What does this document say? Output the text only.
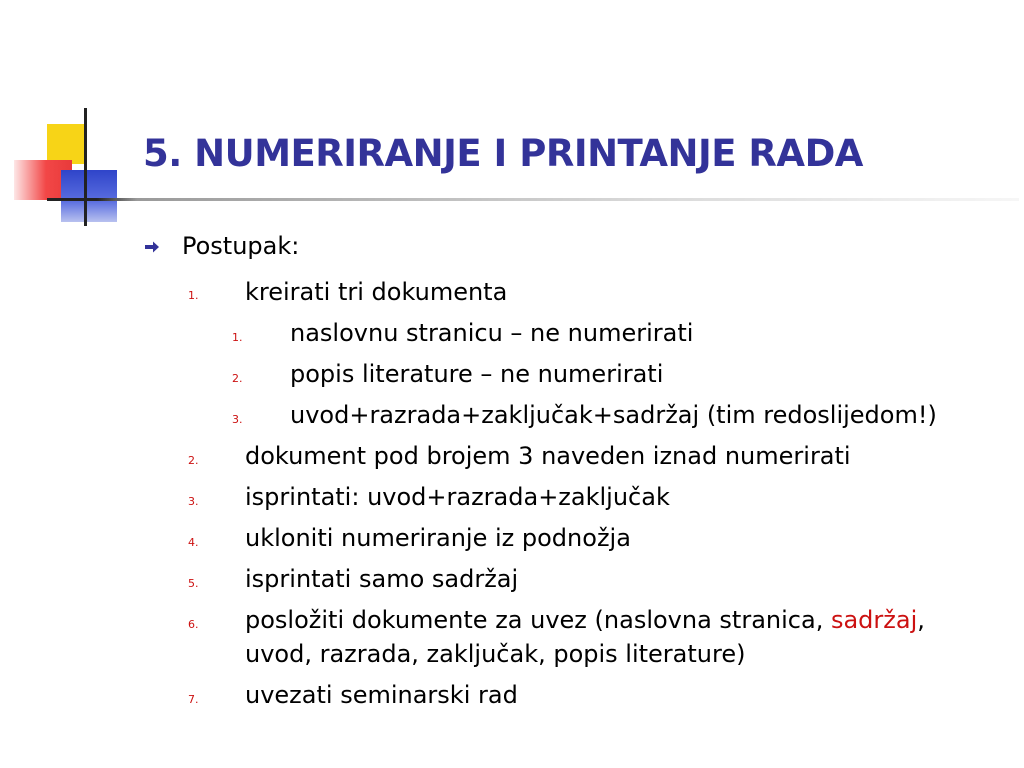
5. NUMERIRANJE I PRINTANJE RADA
Postupak:
1. kreirati tri dokumenta
1. naslovnu stranicu – ne numerirati
2. popis literature – ne numerirati
3. uvod+razrada+zaključak+sadržaj (tim redoslijedom!)
2. dokument pod brojem 3 naveden iznad numerirati
3. isprintati: uvod+razrada+zaključak
4. ukloniti numeriranje iz podnožja
5. isprintati samo sadržaj
6. posložiti dokumente za uvez (naslovna stranica, sadržaj,
uvod, razrada, zaključak, popis literature)
7. uvezati seminarski rad
